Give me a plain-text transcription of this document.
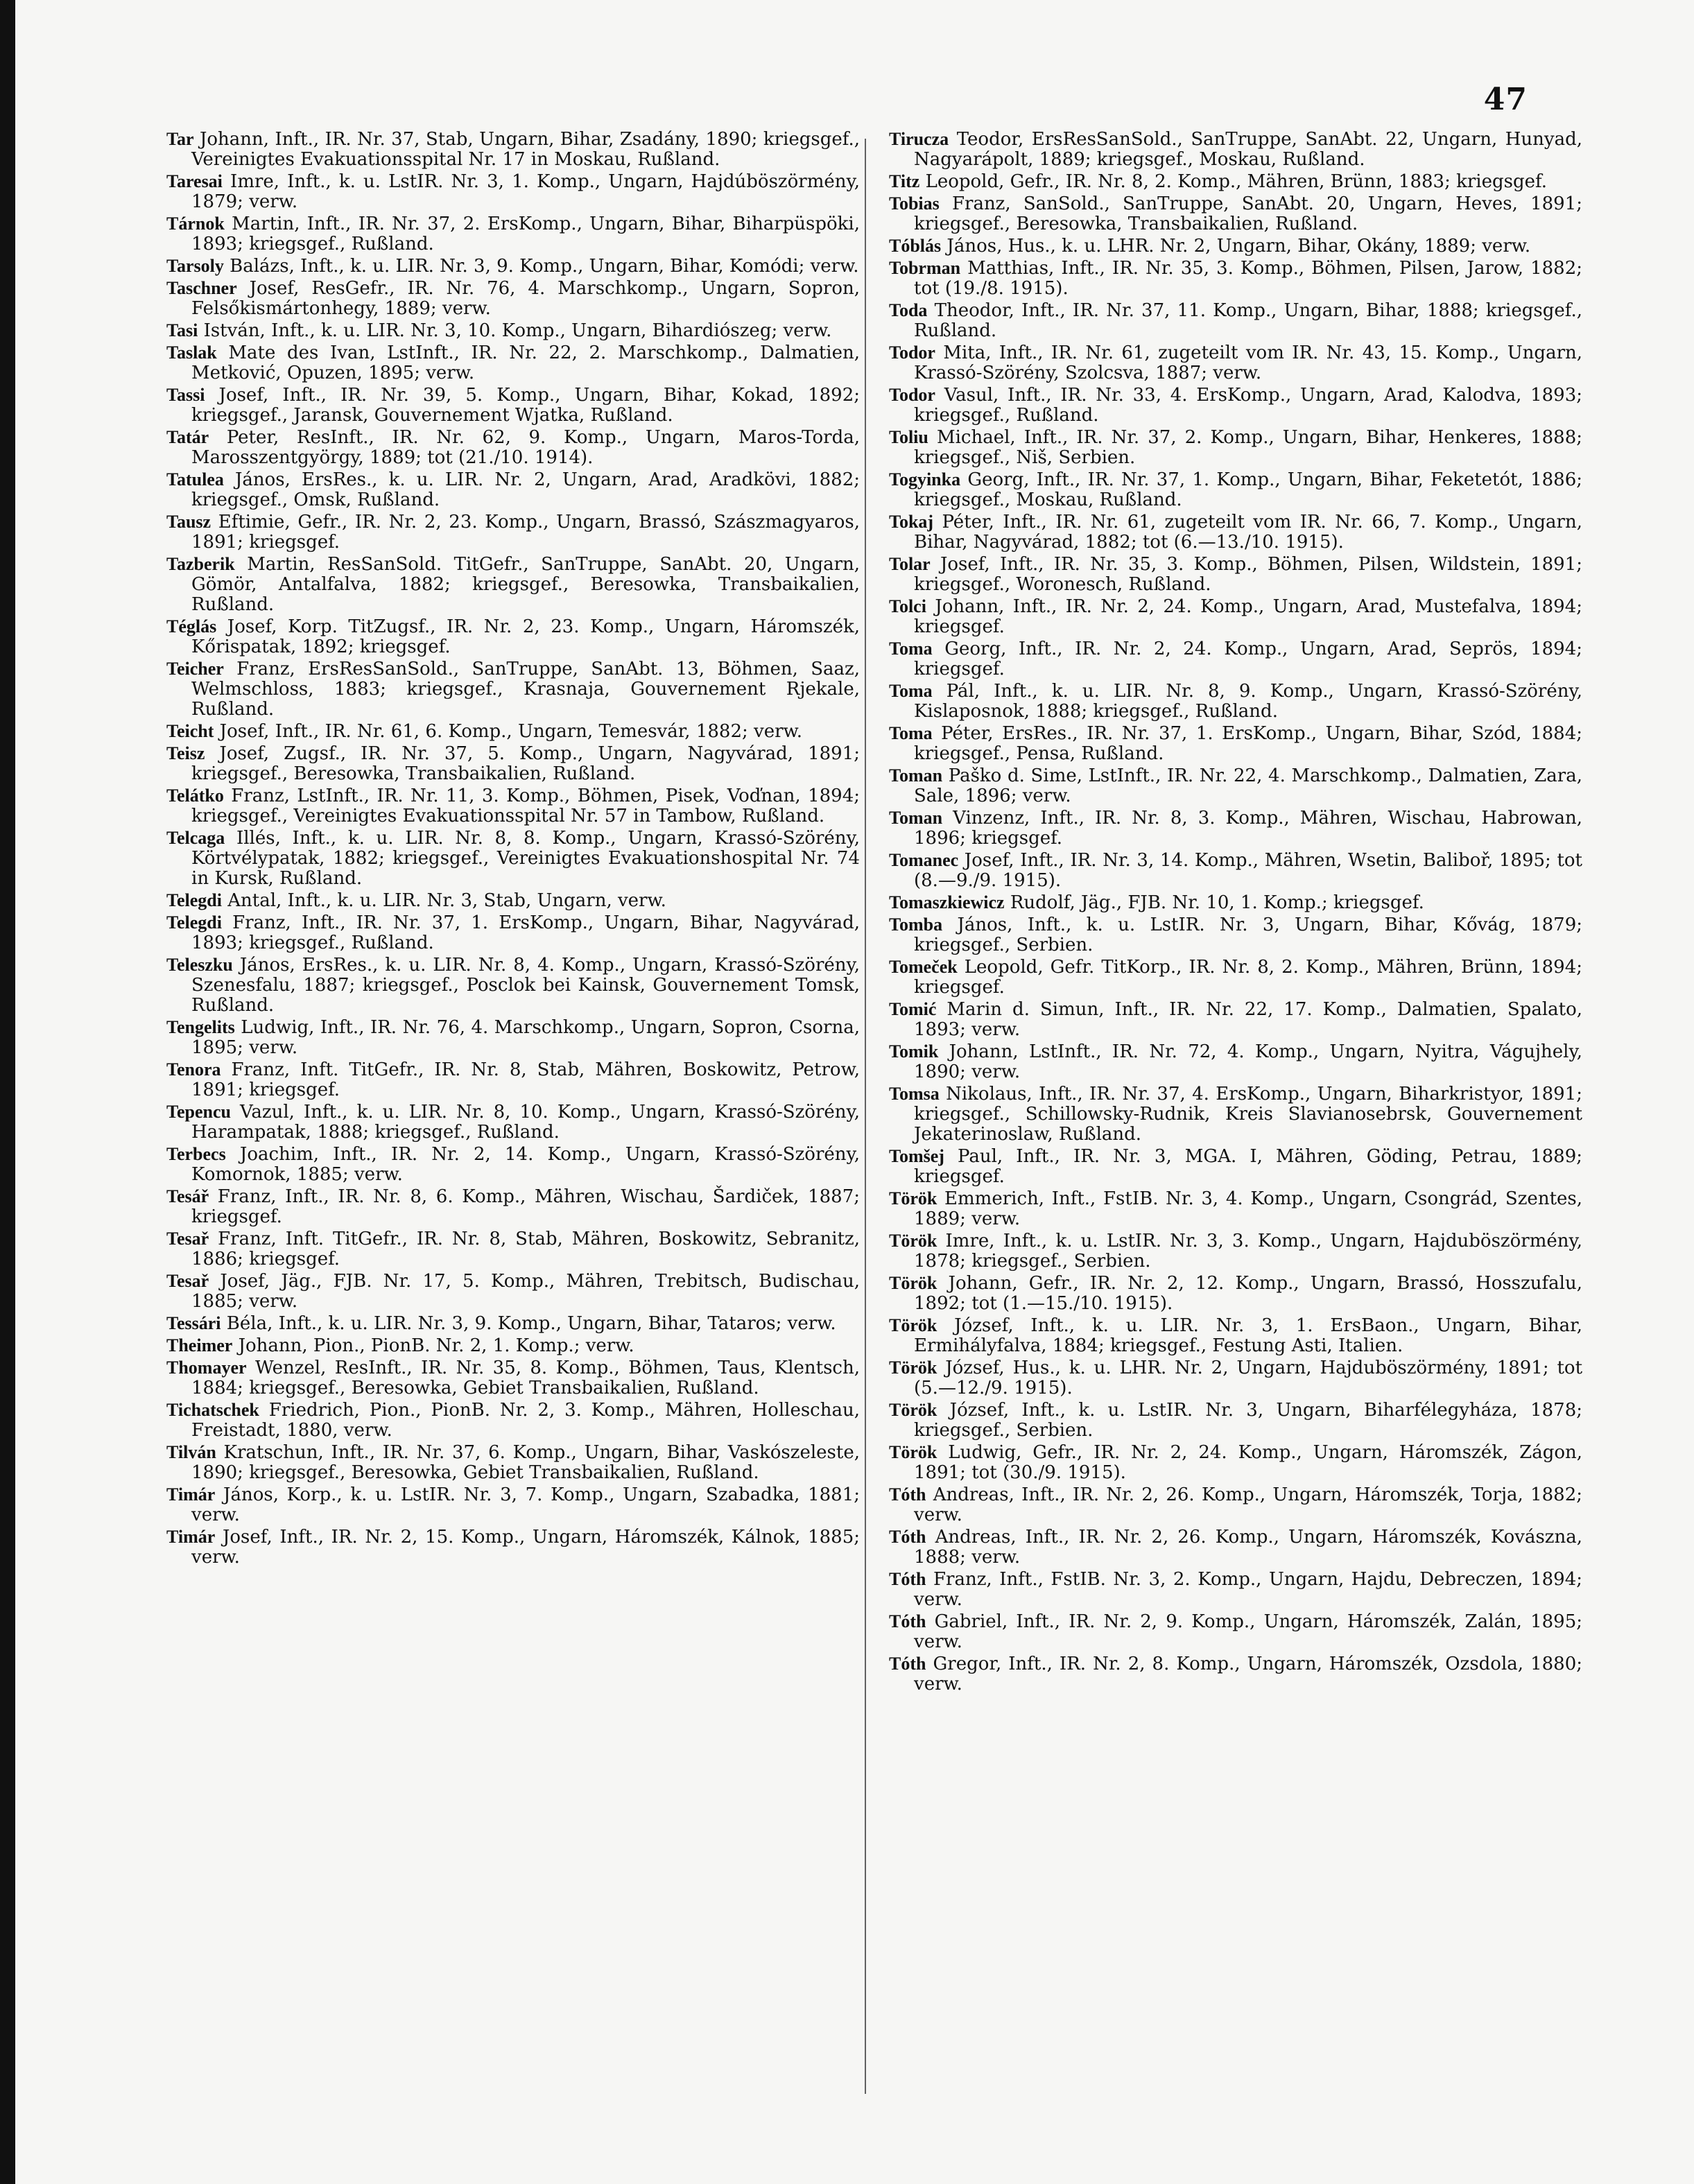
47
Tar Johann, Inft., IR. Nr. 37, Stab, Ungarn, Bihar, Zsadány, 1890; kriegsgef., Vereinigtes Evakuationsspital Nr. 17 in Moskau, Rußland.
Taresai Imre, Inft., k. u. LstIR. Nr. 3, 1. Komp., Ungarn, Hajdúböszörmény, 1879; verw.
Tárnok Martin, Inft., IR. Nr. 37, 2. ErsKomp., Ungarn, Bihar, Biharpüspöki, 1893; kriegsgef., Rußland.
Tarsoly Balázs, Inft., k. u. LIR. Nr. 3, 9. Komp., Ungarn, Bihar, Komódi; verw.
Taschner Josef, ResGefr., IR. Nr. 76, 4. Marschkomp., Ungarn, Sopron, Felsőkismártonhegy, 1889; verw.
Tasi István, Inft., k. u. LIR. Nr. 3, 10. Komp., Ungarn, Bihardiószeg; verw.
Taslak Mate des Ivan, LstInft., IR. Nr. 22, 2. Marschkomp., Dalmatien, Metković, Opuzen, 1895; verw.
Tassi Josef, Inft., IR. Nr. 39, 5. Komp., Ungarn, Bihar, Kokad, 1892; kriegsgef., Jaransk, Gouvernement Wjatka, Rußland.
Tatár Peter, ResInft., IR. Nr. 62, 9. Komp., Ungarn, Maros-Torda, Marosszentgyörgy, 1889; tot (21./10. 1914).
Tatulea János, ErsRes., k. u. LIR. Nr. 2, Ungarn, Arad, Aradkövi, 1882; kriegsgef., Omsk, Rußland.
Tausz Eftimie, Gefr., IR. Nr. 2, 23. Komp., Ungarn, Brassó, Szászmagyaros, 1891; kriegsgef.
Tazberik Martin, ResSanSold. TitGefr., SanTruppe, SanAbt. 20, Ungarn, Gömör, Antalfalva, 1882; kriegsgef., Beresowka, Transbaikalien, Rußland.
Téglás Josef, Korp. TitZugsf., IR. Nr. 2, 23. Komp., Ungarn, Háromszék, Kőrispatak, 1892; kriegsgef.
Teicher Franz, ErsResSanSold., SanTruppe, SanAbt. 13, Böhmen, Saaz, Welmschloss, 1883; kriegsgef., Krasnaja, Gouvernement Rjekale, Rußland.
Teicht Josef, Inft., IR. Nr. 61, 6. Komp., Ungarn, Temesvár, 1882; verw.
Teisz Josef, Zugsf., IR. Nr. 37, 5. Komp., Ungarn, Nagyvárad, 1891; kriegsgef., Beresowka, Transbaikalien, Rußland.
Telátko Franz, LstInft., IR. Nr. 11, 3. Komp., Böhmen, Pisek, Voďnan, 1894; kriegsgef., Vereinigtes Evakuationsspital Nr. 57 in Tambow, Rußland.
Telcaga Illés, Inft., k. u. LIR. Nr. 8, 8. Komp., Ungarn, Krassó-Szörény, Körtvélypatak, 1882; kriegsgef., Vereinigtes Evakuationshospital Nr. 74 in Kursk, Rußland.
Telegdi Antal, Inft., k. u. LIR. Nr. 3, Stab, Ungarn, verw.
Telegdi Franz, Inft., IR. Nr. 37, 1. ErsKomp., Ungarn, Bihar, Nagyvárad, 1893; kriegsgef., Rußland.
Teleszku János, ErsRes., k. u. LIR. Nr. 8, 4. Komp., Ungarn, Krassó-Szörény, Szenesfalu, 1887; kriegsgef., Posclok bei Kainsk, Gouvernement Tomsk, Rußland.
Tengelits Ludwig, Inft., IR. Nr. 76, 4. Marschkomp., Ungarn, Sopron, Csorna, 1895; verw.
Tenora Franz, Inft. TitGefr., IR. Nr. 8, Stab, Mähren, Boskowitz, Petrow, 1891; kriegsgef.
Tepencu Vazul, Inft., k. u. LIR. Nr. 8, 10. Komp., Ungarn, Krassó-Szörény, Harampatak, 1888; kriegsgef., Rußland.
Terbecs Joachim, Inft., IR. Nr. 2, 14. Komp., Ungarn, Krassó-Szörény, Komornok, 1885; verw.
Tesář Franz, Inft., IR. Nr. 8, 6. Komp., Mähren, Wischau, Šardiček, 1887; kriegsgef.
Tesař Franz, Inft. TitGefr., IR. Nr. 8, Stab, Mähren, Boskowitz, Sebranitz, 1886; kriegsgef.
Tesař Josef, Jäg., FJB. Nr. 17, 5. Komp., Mähren, Trebitsch, Budischau, 1885; verw.
Tessári Béla, Inft., k. u. LIR. Nr. 3, 9. Komp., Ungarn, Bihar, Tataros; verw.
Theimer Johann, Pion., PionB. Nr. 2, 1. Komp.; verw.
Thomayer Wenzel, ResInft., IR. Nr. 35, 8. Komp., Böhmen, Taus, Klentsch, 1884; kriegsgef., Beresowka, Gebiet Transbaikalien, Rußland.
Tichatschek Friedrich, Pion., PionB. Nr. 2, 3. Komp., Mähren, Holleschau, Freistadt, 1880, verw.
Tilván Kratschun, Inft., IR. Nr. 37, 6. Komp., Ungarn, Bihar, Vaskószeleste, 1890; kriegsgef., Beresowka, Gebiet Transbaikalien, Rußland.
Timár János, Korp., k. u. LstIR. Nr. 3, 7. Komp., Ungarn, Szabadka, 1881; verw.
Timár Josef, Inft., IR. Nr. 2, 15. Komp., Ungarn, Háromszék, Kálnok, 1885; verw.
Tirucza Teodor, ErsResSanSold., SanTruppe, SanAbt. 22, Ungarn, Hunyad, Nagyarápolt, 1889; kriegsgef., Moskau, Rußland.
Titz Leopold, Gefr., IR. Nr. 8, 2. Komp., Mähren, Brünn, 1883; kriegsgef.
Tobias Franz, SanSold., SanTruppe, SanAbt. 20, Ungarn, Heves, 1891; kriegsgef., Beresowka, Transbaikalien, Rußland.
Tóblás János, Hus., k. u. LHR. Nr. 2, Ungarn, Bihar, Okány, 1889; verw.
Tobrman Matthias, Inft., IR. Nr. 35, 3. Komp., Böhmen, Pilsen, Jarow, 1882; tot (19./8. 1915).
Toda Theodor, Inft., IR. Nr. 37, 11. Komp., Ungarn, Bihar, 1888; kriegsgef., Rußland.
Todor Mita, Inft., IR. Nr. 61, zugeteilt vom IR. Nr. 43, 15. Komp., Ungarn, Krassó-Szörény, Szolcsva, 1887; verw.
Todor Vasul, Inft., IR. Nr. 33, 4. ErsKomp., Ungarn, Arad, Kalodva, 1893; kriegsgef., Rußland.
Toliu Michael, Inft., IR. Nr. 37, 2. Komp., Ungarn, Bihar, Henkeres, 1888; kriegsgef., Niš, Serbien.
Togyinka Georg, Inft., IR. Nr. 37, 1. Komp., Ungarn, Bihar, Feketetót, 1886; kriegsgef., Moskau, Rußland.
Tokaj Péter, Inft., IR. Nr. 61, zugeteilt vom IR. Nr. 66, 7. Komp., Ungarn, Bihar, Nagyvárad, 1882; tot (6.—13./10. 1915).
Tolar Josef, Inft., IR. Nr. 35, 3. Komp., Böhmen, Pilsen, Wildstein, 1891; kriegsgef., Woronesch, Rußland.
Tolci Johann, Inft., IR. Nr. 2, 24. Komp., Ungarn, Arad, Mustefalva, 1894; kriegsgef.
Toma Georg, Inft., IR. Nr. 2, 24. Komp., Ungarn, Arad, Seprös, 1894; kriegsgef.
Toma Pál, Inft., k. u. LIR. Nr. 8, 9. Komp., Ungarn, Krassó-Szörény, Kislaposnok, 1888; kriegsgef., Rußland.
Toma Péter, ErsRes., IR. Nr. 37, 1. ErsKomp., Ungarn, Bihar, Szód, 1884; kriegsgef., Pensa, Rußland.
Toman Paško d. Sime, LstInft., IR. Nr. 22, 4. Marschkomp., Dalmatien, Zara, Sale, 1896; verw.
Toman Vinzenz, Inft., IR. Nr. 8, 3. Komp., Mähren, Wischau, Habrowan, 1896; kriegsgef.
Tomanec Josef, Inft., IR. Nr. 3, 14. Komp., Mähren, Wsetin, Baliboř, 1895; tot (8.—9./9. 1915).
Tomaszkiewicz Rudolf, Jäg., FJB. Nr. 10, 1. Komp.; kriegsgef.
Tomba János, Inft., k. u. LstIR. Nr. 3, Ungarn, Bihar, Kővág, 1879; kriegsgef., Serbien.
Tomeček Leopold, Gefr. TitKorp., IR. Nr. 8, 2. Komp., Mähren, Brünn, 1894; kriegsgef.
Tomić Marin d. Simun, Inft., IR. Nr. 22, 17. Komp., Dalmatien, Spalato, 1893; verw.
Tomik Johann, LstInft., IR. Nr. 72, 4. Komp., Ungarn, Nyitra, Vágujhely, 1890; verw.
Tomsa Nikolaus, Inft., IR. Nr. 37, 4. ErsKomp., Ungarn, Biharkristyor, 1891; kriegsgef., Schillowsky-Rudnik, Kreis Slavianosebrsk, Gouvernement Jekaterinoslaw, Rußland.
Tomšej Paul, Inft., IR. Nr. 3, MGA. I, Mähren, Göding, Petrau, 1889; kriegsgef.
Török Emmerich, Inft., FstIB. Nr. 3, 4. Komp., Ungarn, Csongrád, Szentes, 1889; verw.
Török Imre, Inft., k. u. LstIR. Nr. 3, 3. Komp., Ungarn, Hajduböszörmény, 1878; kriegsgef., Serbien.
Török Johann, Gefr., IR. Nr. 2, 12. Komp., Ungarn, Brassó, Hosszufalu, 1892; tot (1.—15./10. 1915).
Török József, Inft., k. u. LIR. Nr. 3, 1. ErsBaon., Ungarn, Bihar, Ermihályfalva, 1884; kriegsgef., Festung Asti, Italien.
Török József, Hus., k. u. LHR. Nr. 2, Ungarn, Hajduböszörmény, 1891; tot (5.—12./9. 1915).
Török József, Inft., k. u. LstIR. Nr. 3, Ungarn, Biharfélegyháza, 1878; kriegsgef., Serbien.
Török Ludwig, Gefr., IR. Nr. 2, 24. Komp., Ungarn, Háromszék, Zágon, 1891; tot (30./9. 1915).
Tóth Andreas, Inft., IR. Nr. 2, 26. Komp., Ungarn, Háromszék, Torja, 1882; verw.
Tóth Andreas, Inft., IR. Nr. 2, 26. Komp., Ungarn, Háromszék, Kovászna, 1888; verw.
Tóth Franz, Inft., FstIB. Nr. 3, 2. Komp., Ungarn, Hajdu, Debreczen, 1894; verw.
Tóth Gabriel, Inft., IR. Nr. 2, 9. Komp., Ungarn, Háromszék, Zalán, 1895; verw.
Tóth Gregor, Inft., IR. Nr. 2, 8. Komp., Ungarn, Háromszék, Ozsdola, 1880; verw.
